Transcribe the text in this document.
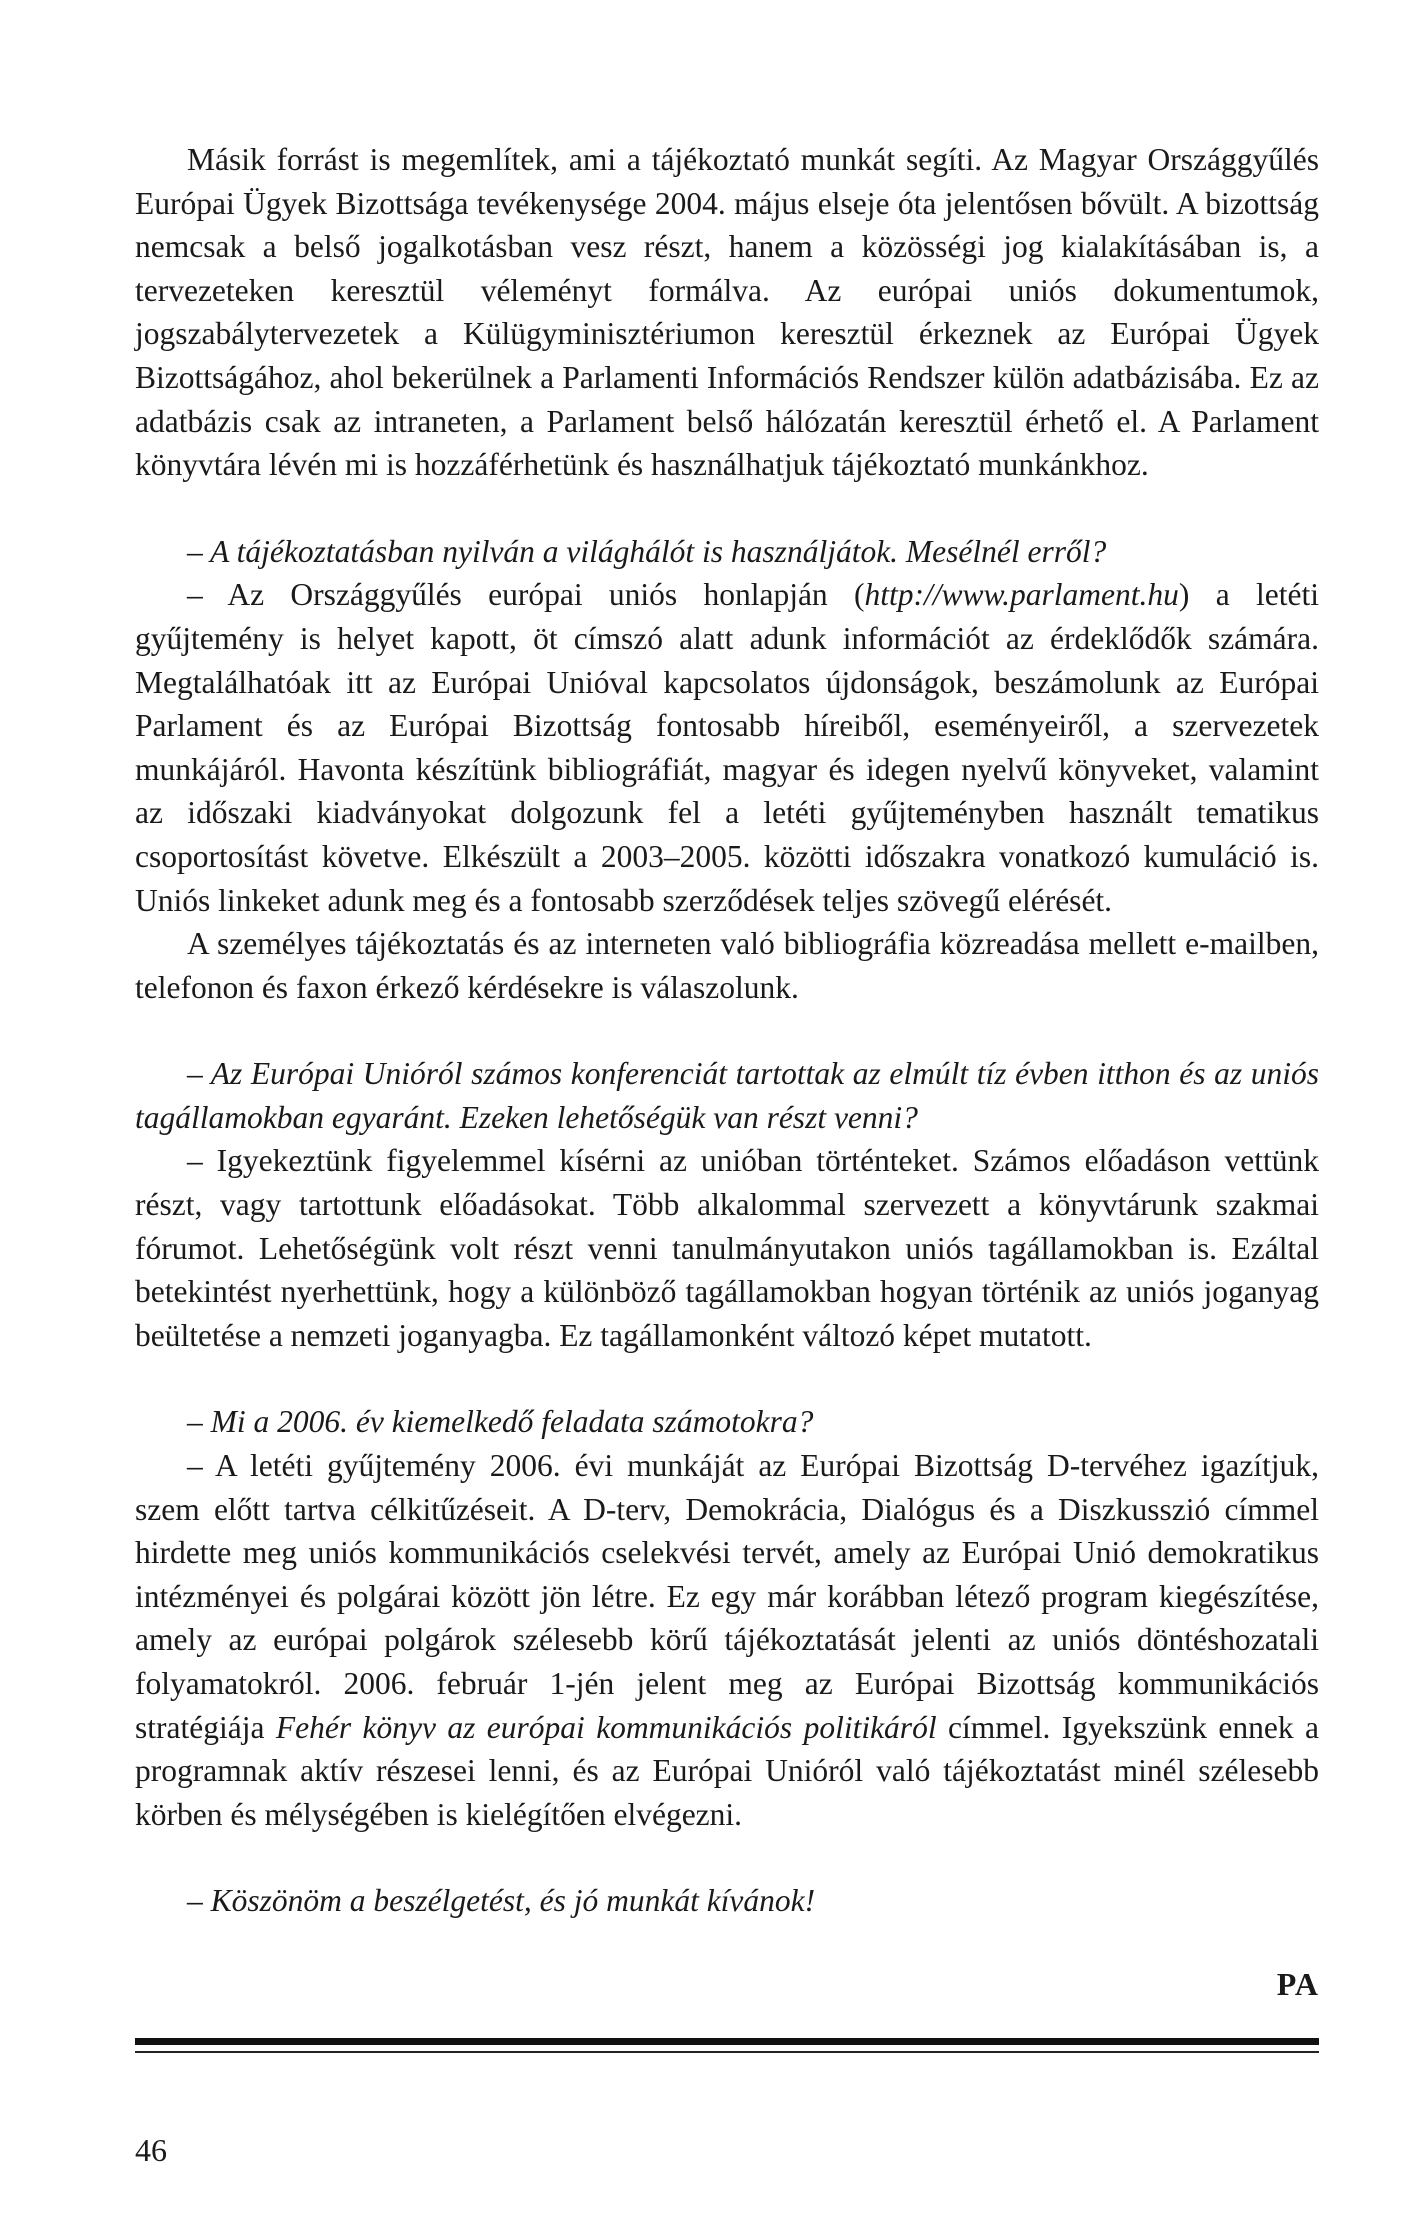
Másik forrást is megemlítek, ami a tájékoztató munkát segíti. Az Magyar Országgyűlés Európai Ügyek Bizottsága tevékenysége 2004. május elseje óta jelentősen bővült. A bizottság nemcsak a belső jogalkotásban vesz részt, hanem a közösségi jog kialakításában is, a tervezeteken keresztül véleményt formálva. Az európai uniós dokumentumok, jogszabálytervezetek a Külügyminisztériumon keresztül érkeznek az Európai Ügyek Bizottságához, ahol bekerülnek a Parlamenti Információs Rendszer külön adatbázisába. Ez az adatbázis csak az intraneten, a Parlament belső hálózatán keresztül érhető el. A Parlament könyvtára lévén mi is hozzáférhetünk és használhatjuk tájékoztató munkánkhoz.

– A tájékoztatásban nyilván a világhálót is használjátok. Mesélnél erről?

– Az Országgyűlés európai uniós honlapján (http://www.parlament.hu) a letéti gyűjtemény is helyet kapott, öt címszó alatt adunk információt az érdeklődők számára. Megtalálhatóak itt az Európai Unióval kapcsolatos újdonságok, beszámolunk az Európai Parlament és az Európai Bizottság fontosabb híreiből, eseményeiről, a szervezetek munkájáról. Havonta készítünk bibliográfiát, magyar és idegen nyelvű könyveket, valamint az időszaki kiadványokat dolgozunk fel a letéti gyűjteményben használt tematikus csoportosítást követve. Elkészült a 2003–2005. közötti időszakra vonatkozó kumuláció is. Uniós linkeket adunk meg és a fontosabb szerződések teljes szövegű elérését.

A személyes tájékoztatás és az interneten való bibliográfia közreadása mellett e-mailben, telefonon és faxon érkező kérdésekre is válaszolunk.

– Az Európai Unióról számos konferenciát tartottak az elmúlt tíz évben itthon és az uniós tagállamokban egyaránt. Ezeken lehetőségük van részt venni?

– Igyekeztünk figyelemmel kísérni az unióban történteket. Számos előadáson vettünk részt, vagy tartottunk előadásokat. Több alkalommal szervezett a könyvtárunk szakmai fórumot. Lehetőségünk volt részt venni tanulmányutakon uniós tagállamokban is. Ezáltal betekintést nyerhettünk, hogy a különböző tagállamokban hogyan történik az uniós joganyag beültetése a nemzeti joganyagba. Ez tagállamonként változó képet mutatott.

– Mi a 2006. év kiemelkedő feladata számotokra?

– A letéti gyűjtemény 2006. évi munkáját az Európai Bizottság D-tervéhez igazítjuk, szem előtt tartva célkitűzéseit. A D-terv, Demokrácia, Dialógus és a Diszkusszió címmel hirdette meg uniós kommunikációs cselekvési tervét, amely az Európai Unió demokratikus intézményei és polgárai között jön létre. Ez egy már korábban létező program kiegészítése, amely az európai polgárok szélesebb körű tájékoztatását jelenti az uniós döntéshozatali folyamatokról. 2006. február 1-jén jelent meg az Európai Bizottság kommunikációs stratégiája Fehér könyv az európai kommunikációs politikáról címmel. Igyekszünk ennek a programnak aktív részesei lenni, és az Európai Unióról való tájékoztatást minél szélesebb körben és mélységében is kielégítően elvégezni.

– Köszönöm a beszélgetést, és jó munkát kívánok!

PA
46
